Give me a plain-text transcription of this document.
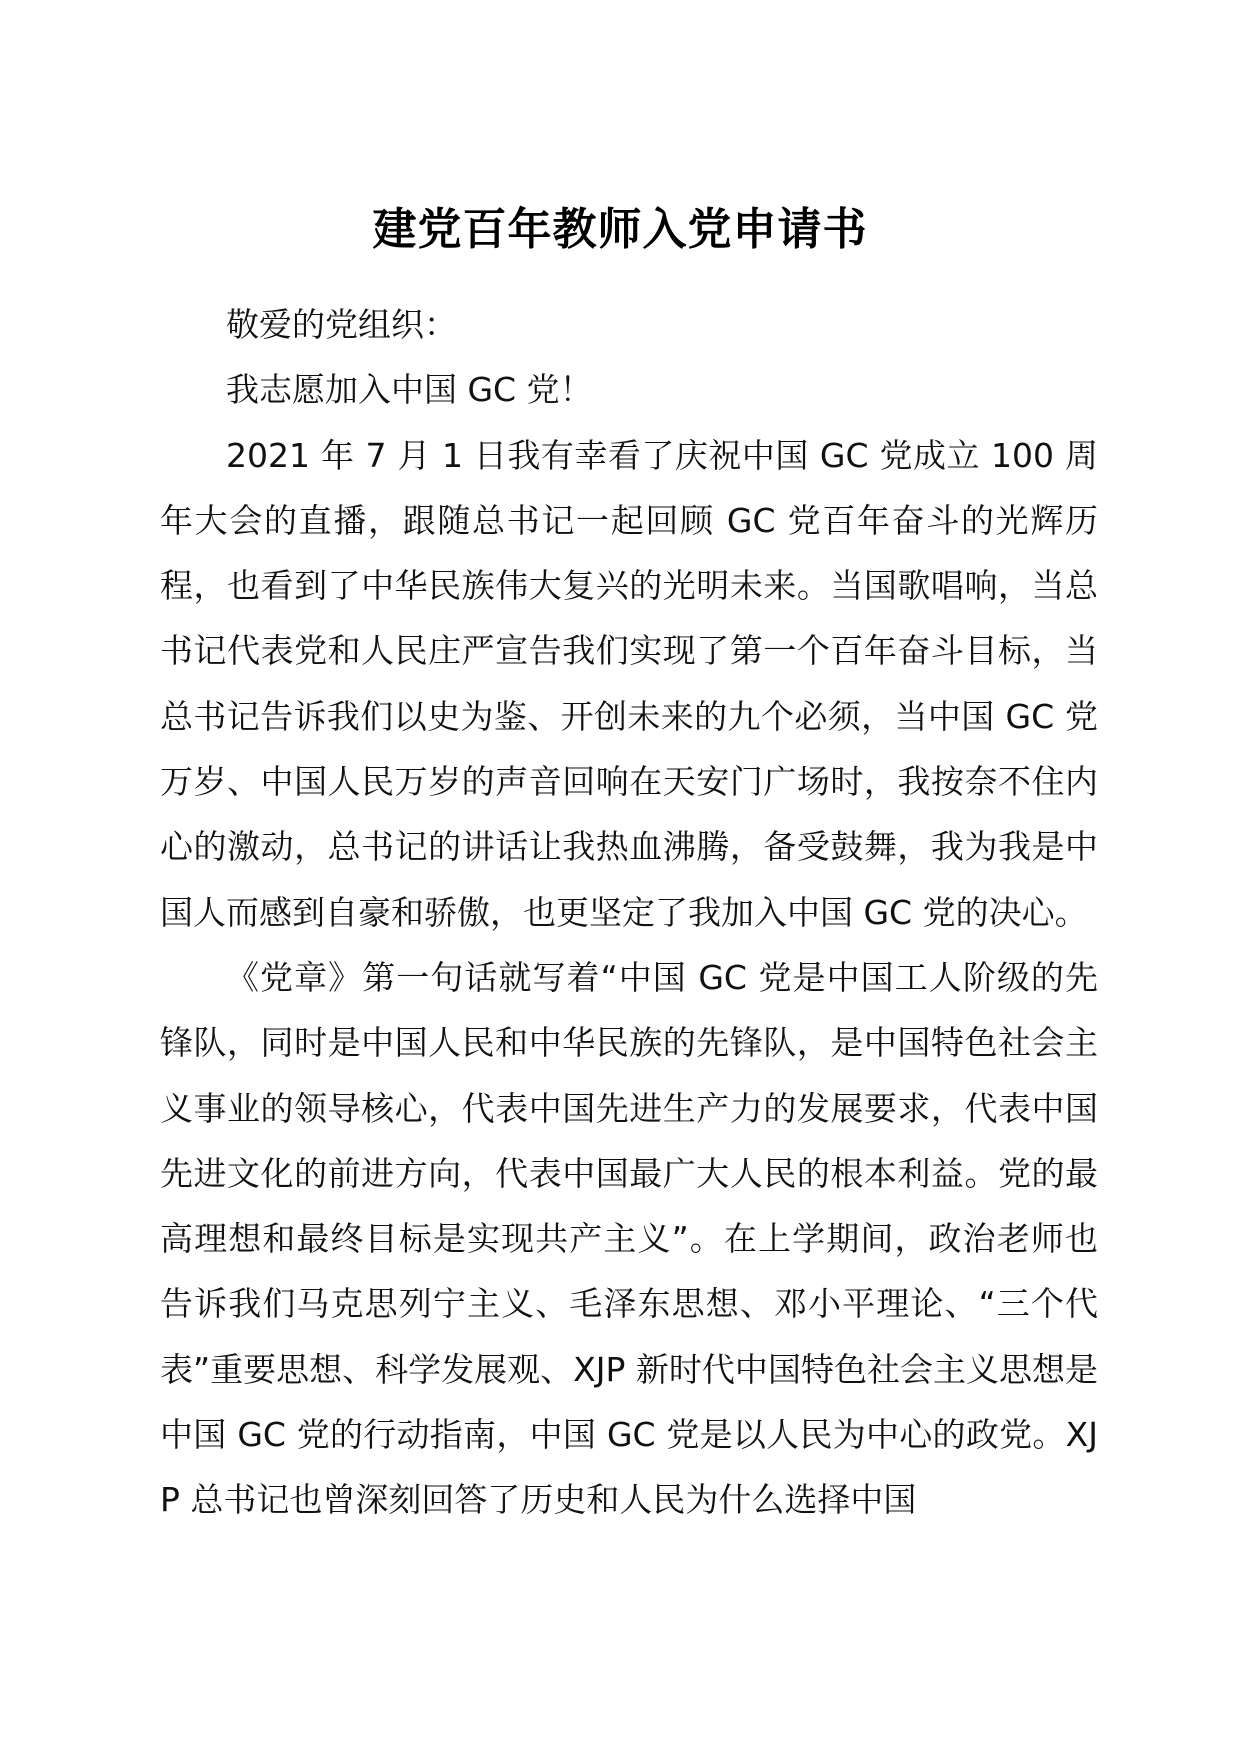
建党百年教师入党申请书

敬爱的党组织：

我志愿加入中国 GC 党！

2021 年 7 月 1 日我有幸看了庆祝中国 GC 党成立 100 周年大会的直播，跟随总书记一起回顾 GC 党百年奋斗的光辉历程，也看到了中华民族伟大复兴的光明未来。当国歌唱响，当总书记代表党和人民庄严宣告我们实现了第一个百年奋斗目标，当总书记告诉我们以史为鉴、开创未来的九个必须，当中国 GC 党万岁、中国人民万岁的声音回响在天安门广场时，我按奈不住内心的激动，总书记的讲话让我热血沸腾，备受鼓舞，我为我是中国人而感到自豪和骄傲，也更坚定了我加入中国 GC 党的决心。

《党章》第一句话就写着“中国 GC 党是中国工人阶级的先锋队，同时是中国人民和中华民族的先锋队，是中国特色社会主义事业的领导核心，代表中国先进生产力的发展要求，代表中国先进文化的前进方向，代表中国最广大人民的根本利益。党的最高理想和最终目标是实现共产主义”。在上学期间，政治老师也告诉我们马克思列宁主义、毛泽东思想、邓小平理论、“三个代表”重要思想、科学发展观、XJP 新时代中国特色社会主义思想是中国 GC 党的行动指南，中国 GC 党是以人民为中心的政党。XJP 总书记也曾深刻回答了历史和人民为什么选择中国
